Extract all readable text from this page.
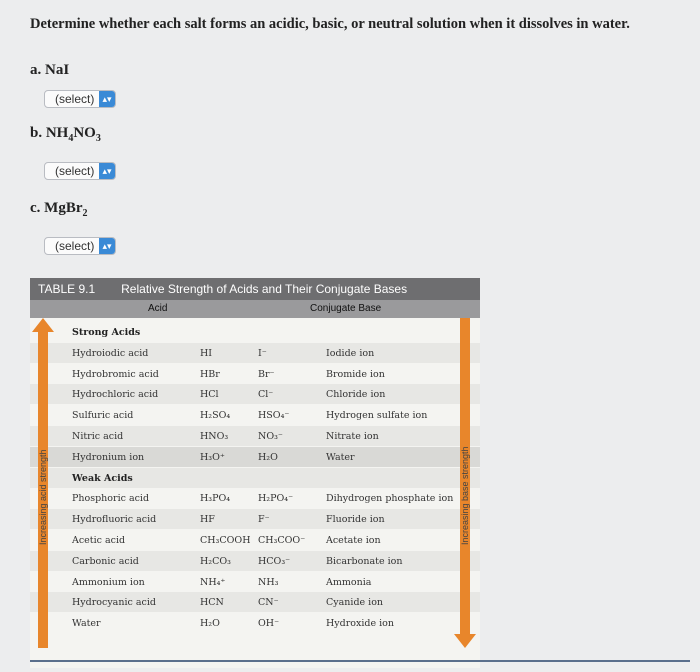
Determine whether each salt forms an acidic, basic, or neutral solution when it dissolves in water.
a. NaI
(select) ▴▾
b. $NH_4NO_3$
(select) ▴▾
c. MgBr$_2$
(select) ▴▾
TABLE 9.1 Relative Strength of Acids and Their Conjugate Bases
Acid	Conjugate Base
Strong Acids
Hydroiodic acid	HI	I⁻	Iodide ion
Hydrobromic acid	HBr	Br⁻	Bromide ion
Hydrochloric acid	HCl	Cl⁻	Chloride ion
Sulfuric acid	H₂SO₄	HSO₄⁻	Hydrogen sulfate ion
Nitric acid	HNO₃	NO₃⁻	Nitrate ion
Hydronium ion	H₃O⁺	H₂O	Water
Weak Acids
Phosphoric acid	H₃PO₄	H₂PO₄⁻	Dihydrogen phosphate ion
Hydrofluoric acid	HF	F⁻	Fluoride ion
Acetic acid	CH₃COOH CH₃COO⁻ Acetate ion
Carbonic acid	H₂CO₃	HCO₃⁻	Bicarbonate ion
Ammonium ion	NH₄⁺	NH₃	Ammonia
Hydrocyanic acid	HCN	CN⁻	Cyanide ion
Water	H₂O	OH⁻	Hydroxide ion
Increasing acid strength	Increasing base strength
